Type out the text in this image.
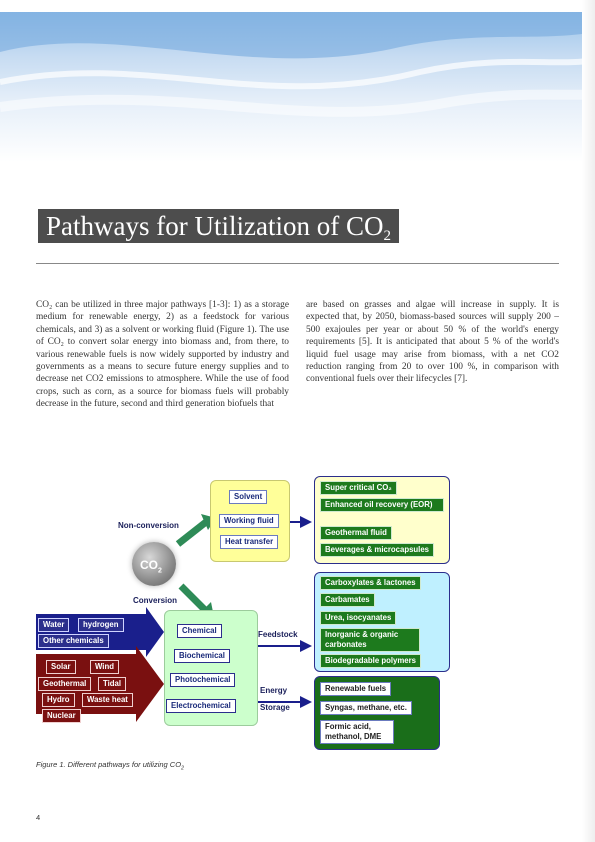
Pathways for Utilization of $CO_2$

CO₂ can be utilized in three major pathways [1-3]: 1) as a storage medium for renewable energy, 2) as a feedstock for various chemicals, and 3) as a solvent or working fluid (Figure 1). The use of CO₂ to convert solar energy into biomass and, from there, to various renewable fuels is now widely supported by industry and governments as a means to secure future energy supplies and to decrease net CO2 emissions to atmosphere. While the use of food crops, such as corn, as a source for biomass fuels will probably decrease in the future, second and third generation biofuels that

are based on grasses and algae will increase in supply. It is expected that, by 2050, biomass-based sources will supply 200 – 500 exajoules per year or about 50 % of the world's energy requirements [5]. It is anticipated that about 5 % of the world's liquid fuel usage may arise from biomass, with a net CO2 reduction ranging from 20 to over 100 %, in comparison with conventional fuels over their lifecycles [7].

$CO_2$
Non-conversion
Conversion
Feedstock
Energy
Storage
Solvent
Working fluid
Heat transfer
Chemical
Biochemical
Photochemical
Electrochemical
Water	hydrogen
Other chemicals
Solar	Wind
Geothermal	Tidal
Hydro	Waste heat
Nuclear
Super critical CO₂
Enhanced oil recovery (EOR)
Geothermal fluid
Beverages & microcapsules
Carboxylates & lactones
Carbamates
Urea, isocyanates
Inorganic & organic carbonates
Biodegradable polymers
Renewable fuels
Syngas, methane, etc.
Formic acid, methanol, DME
Figure 1. Different pathways for utilizing $CO_2$
4
